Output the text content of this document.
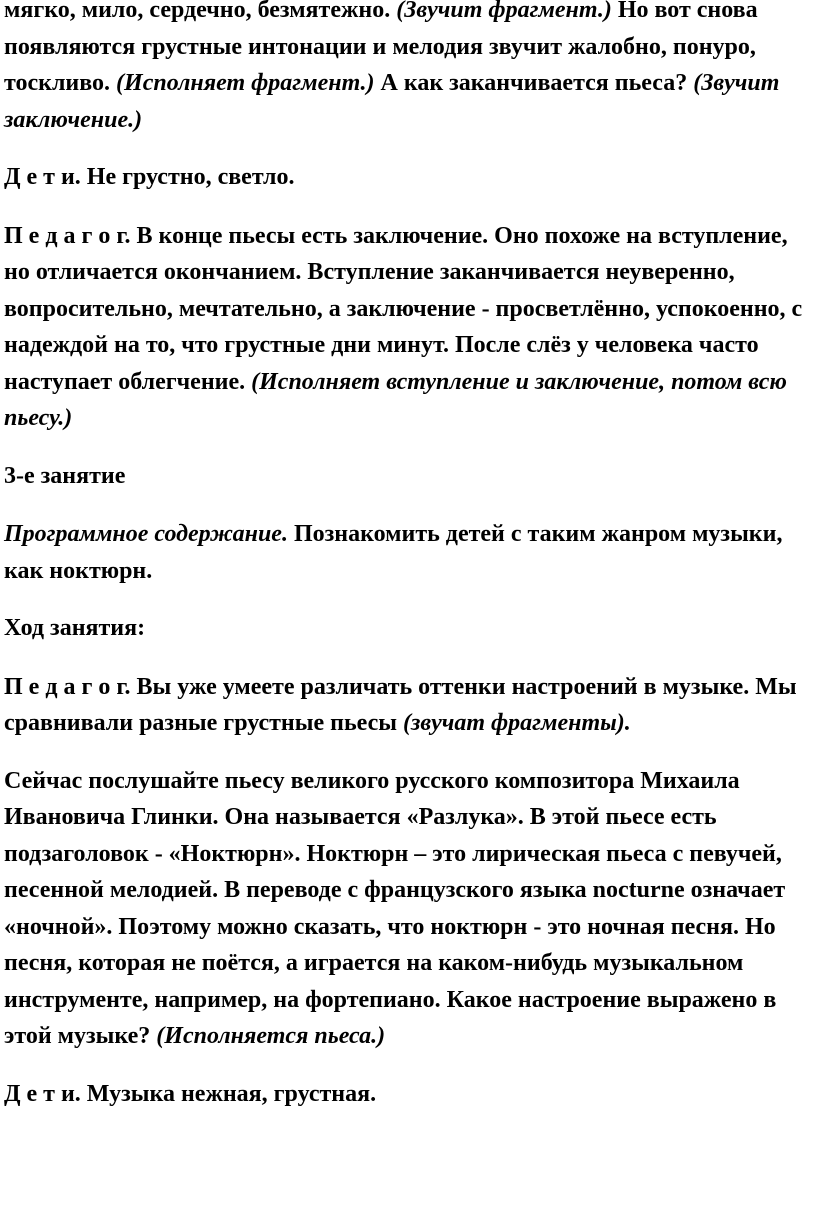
мягко, мило, сердечно, безмятежно. (Звучит фрагмент.) Но вот снова появляются грустные интонации и мелодия звучит жалобно, понуро, тоскливо. (Исполняет фрагмент.) А как заканчивается пьеса? (Звучит заключение.)

Д е т и. Не грустно, светло.

П е д а г о г. В конце пьесы есть заключение. Оно похоже на вступление, но отличается окончанием. Вступление заканчивается неуверенно, вопросительно, мечтательно, а заключение - просветлённо, успокоенно, с надеждой на то, что грустные дни минут. После слёз у человека часто наступает облегчение. (Исполняет вступление и заключение, потом всю пьесу.)

3-е занятие

Программное содержание. Познакомить детей с таким жанром музыки, как ноктюрн.

Ход занятия:

П е д а г о г. Вы уже умеете различать оттенки настроений в музыке. Мы сравнивали разные грустные пьесы (звучат фрагменты).

Сейчас послушайте пьесу великого русского композитора Михаила Ивановича Глинки. Она называется «Разлука». В этой пьесе есть подзаголовок - «Ноктюрн». Ноктюрн – это лирическая пьеса с певучей, песенной мелодией. В переводе с французского языка nocturne означает «ночной». Поэтому можно сказать, что ноктюрн - это ночная песня. Но песня, которая не поётся, а играется на каком-нибудь музыкальном инструменте, например, на фортепиано. Какое настроение выражено в этой музыке? (Исполняется пьеса.)

Д е т и. Музыка нежная, грустная.
